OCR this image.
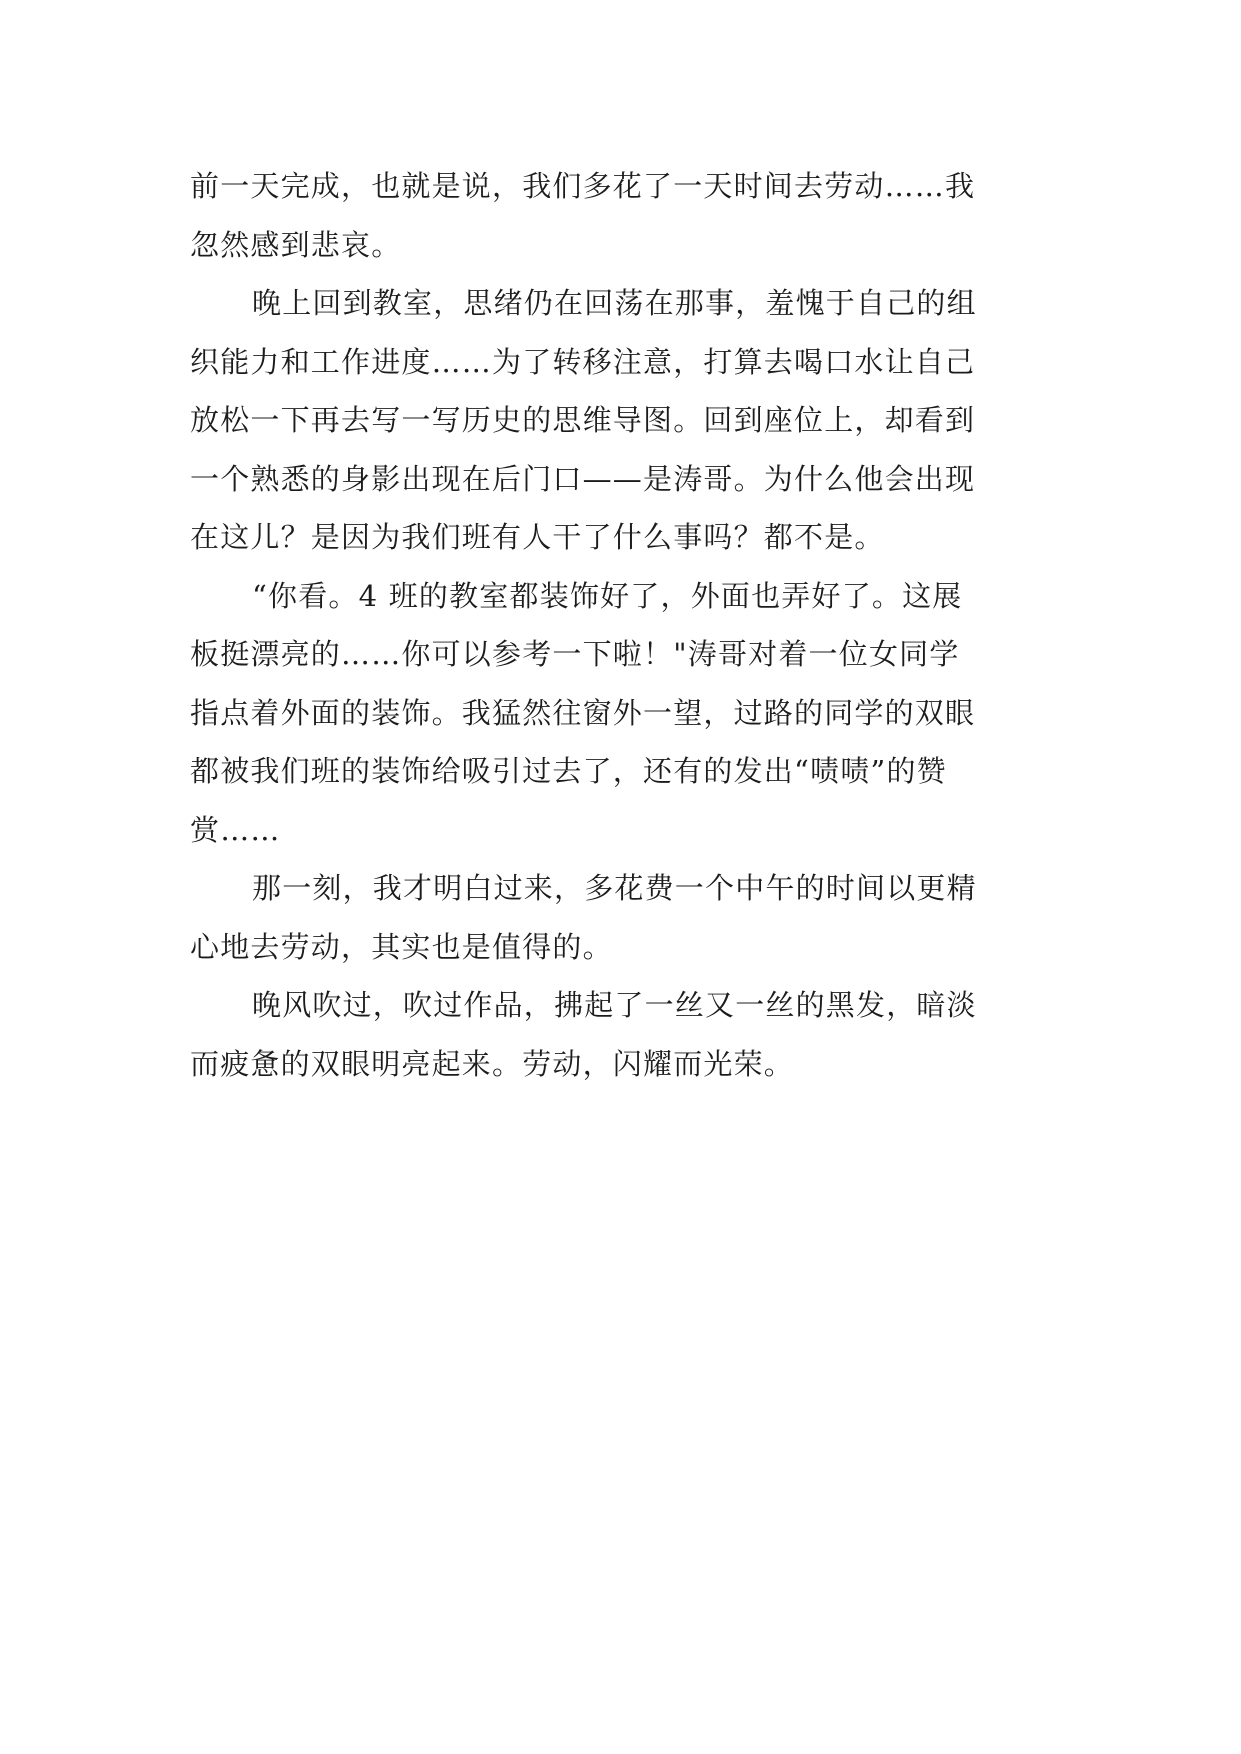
前一天完成，也就是说，我们多花了一天时间去劳动……我
忽然感到悲哀。
晚上回到教室，思绪仍在回荡在那事，羞愧于自己的组
织能力和工作进度……为了转移注意，打算去喝口水让自己
放松一下再去写一写历史的思维导图。回到座位上，却看到
一个熟悉的身影出现在后门口——是涛哥。为什么他会出现
在这儿？是因为我们班有人干了什么事吗？都不是。
“你看。4 班的教室都装饰好了，外面也弄好了。这展
板挺漂亮的……你可以参考一下啦！"涛哥对着一位女同学
指点着外面的装饰。我猛然往窗外一望，过路的同学的双眼
都被我们班的装饰给吸引过去了，还有的发出“啧啧”的赞
赏……
那一刻，我才明白过来，多花费一个中午的时间以更精
心地去劳动，其实也是值得的。
晚风吹过，吹过作品，拂起了一丝又一丝的黑发，暗淡
而疲惫的双眼明亮起来。劳动，闪耀而光荣。
